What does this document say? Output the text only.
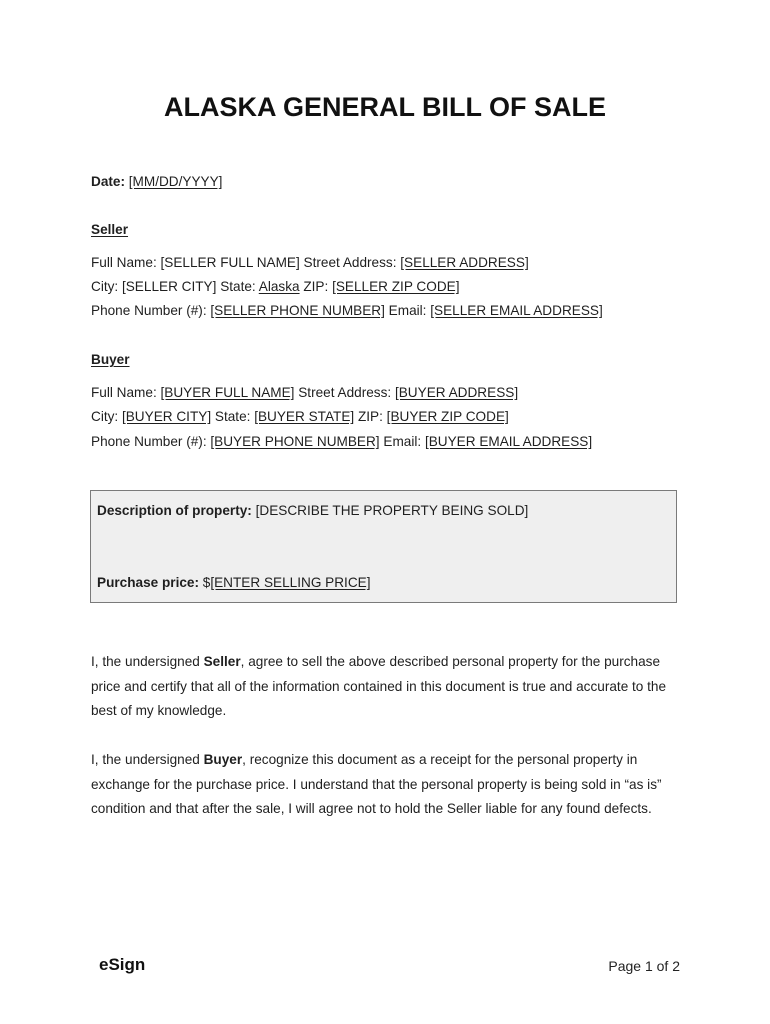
ALASKA GENERAL BILL OF SALE
Date: [MM/DD/YYYY]
Seller
Full Name: [SELLER FULL NAME] Street Address: [SELLER ADDRESS]
City: [SELLER CITY] State: Alaska ZIP: [SELLER ZIP CODE]
Phone Number (#): [SELLER PHONE NUMBER] Email: [SELLER EMAIL ADDRESS]
Buyer
Full Name: [BUYER FULL NAME] Street Address: [BUYER ADDRESS]
City: [BUYER CITY] State: [BUYER STATE] ZIP: [BUYER ZIP CODE]
Phone Number (#): [BUYER PHONE NUMBER] Email: [BUYER EMAIL ADDRESS]
Description of property: [DESCRIBE THE PROPERTY BEING SOLD]
Purchase price: $[ENTER SELLING PRICE]

I, the undersigned Seller, agree to sell the above described personal property for the purchase price and certify that all of the information contained in this document is true and accurate to the best of my knowledge.

I, the undersigned Buyer, recognize this document as a receipt for the personal property in exchange for the purchase price. I understand that the personal property is being sold in “as is” condition and that after the sale, I will agree not to hold the Seller liable for any found defects.

eSign	Page 1 of 2
